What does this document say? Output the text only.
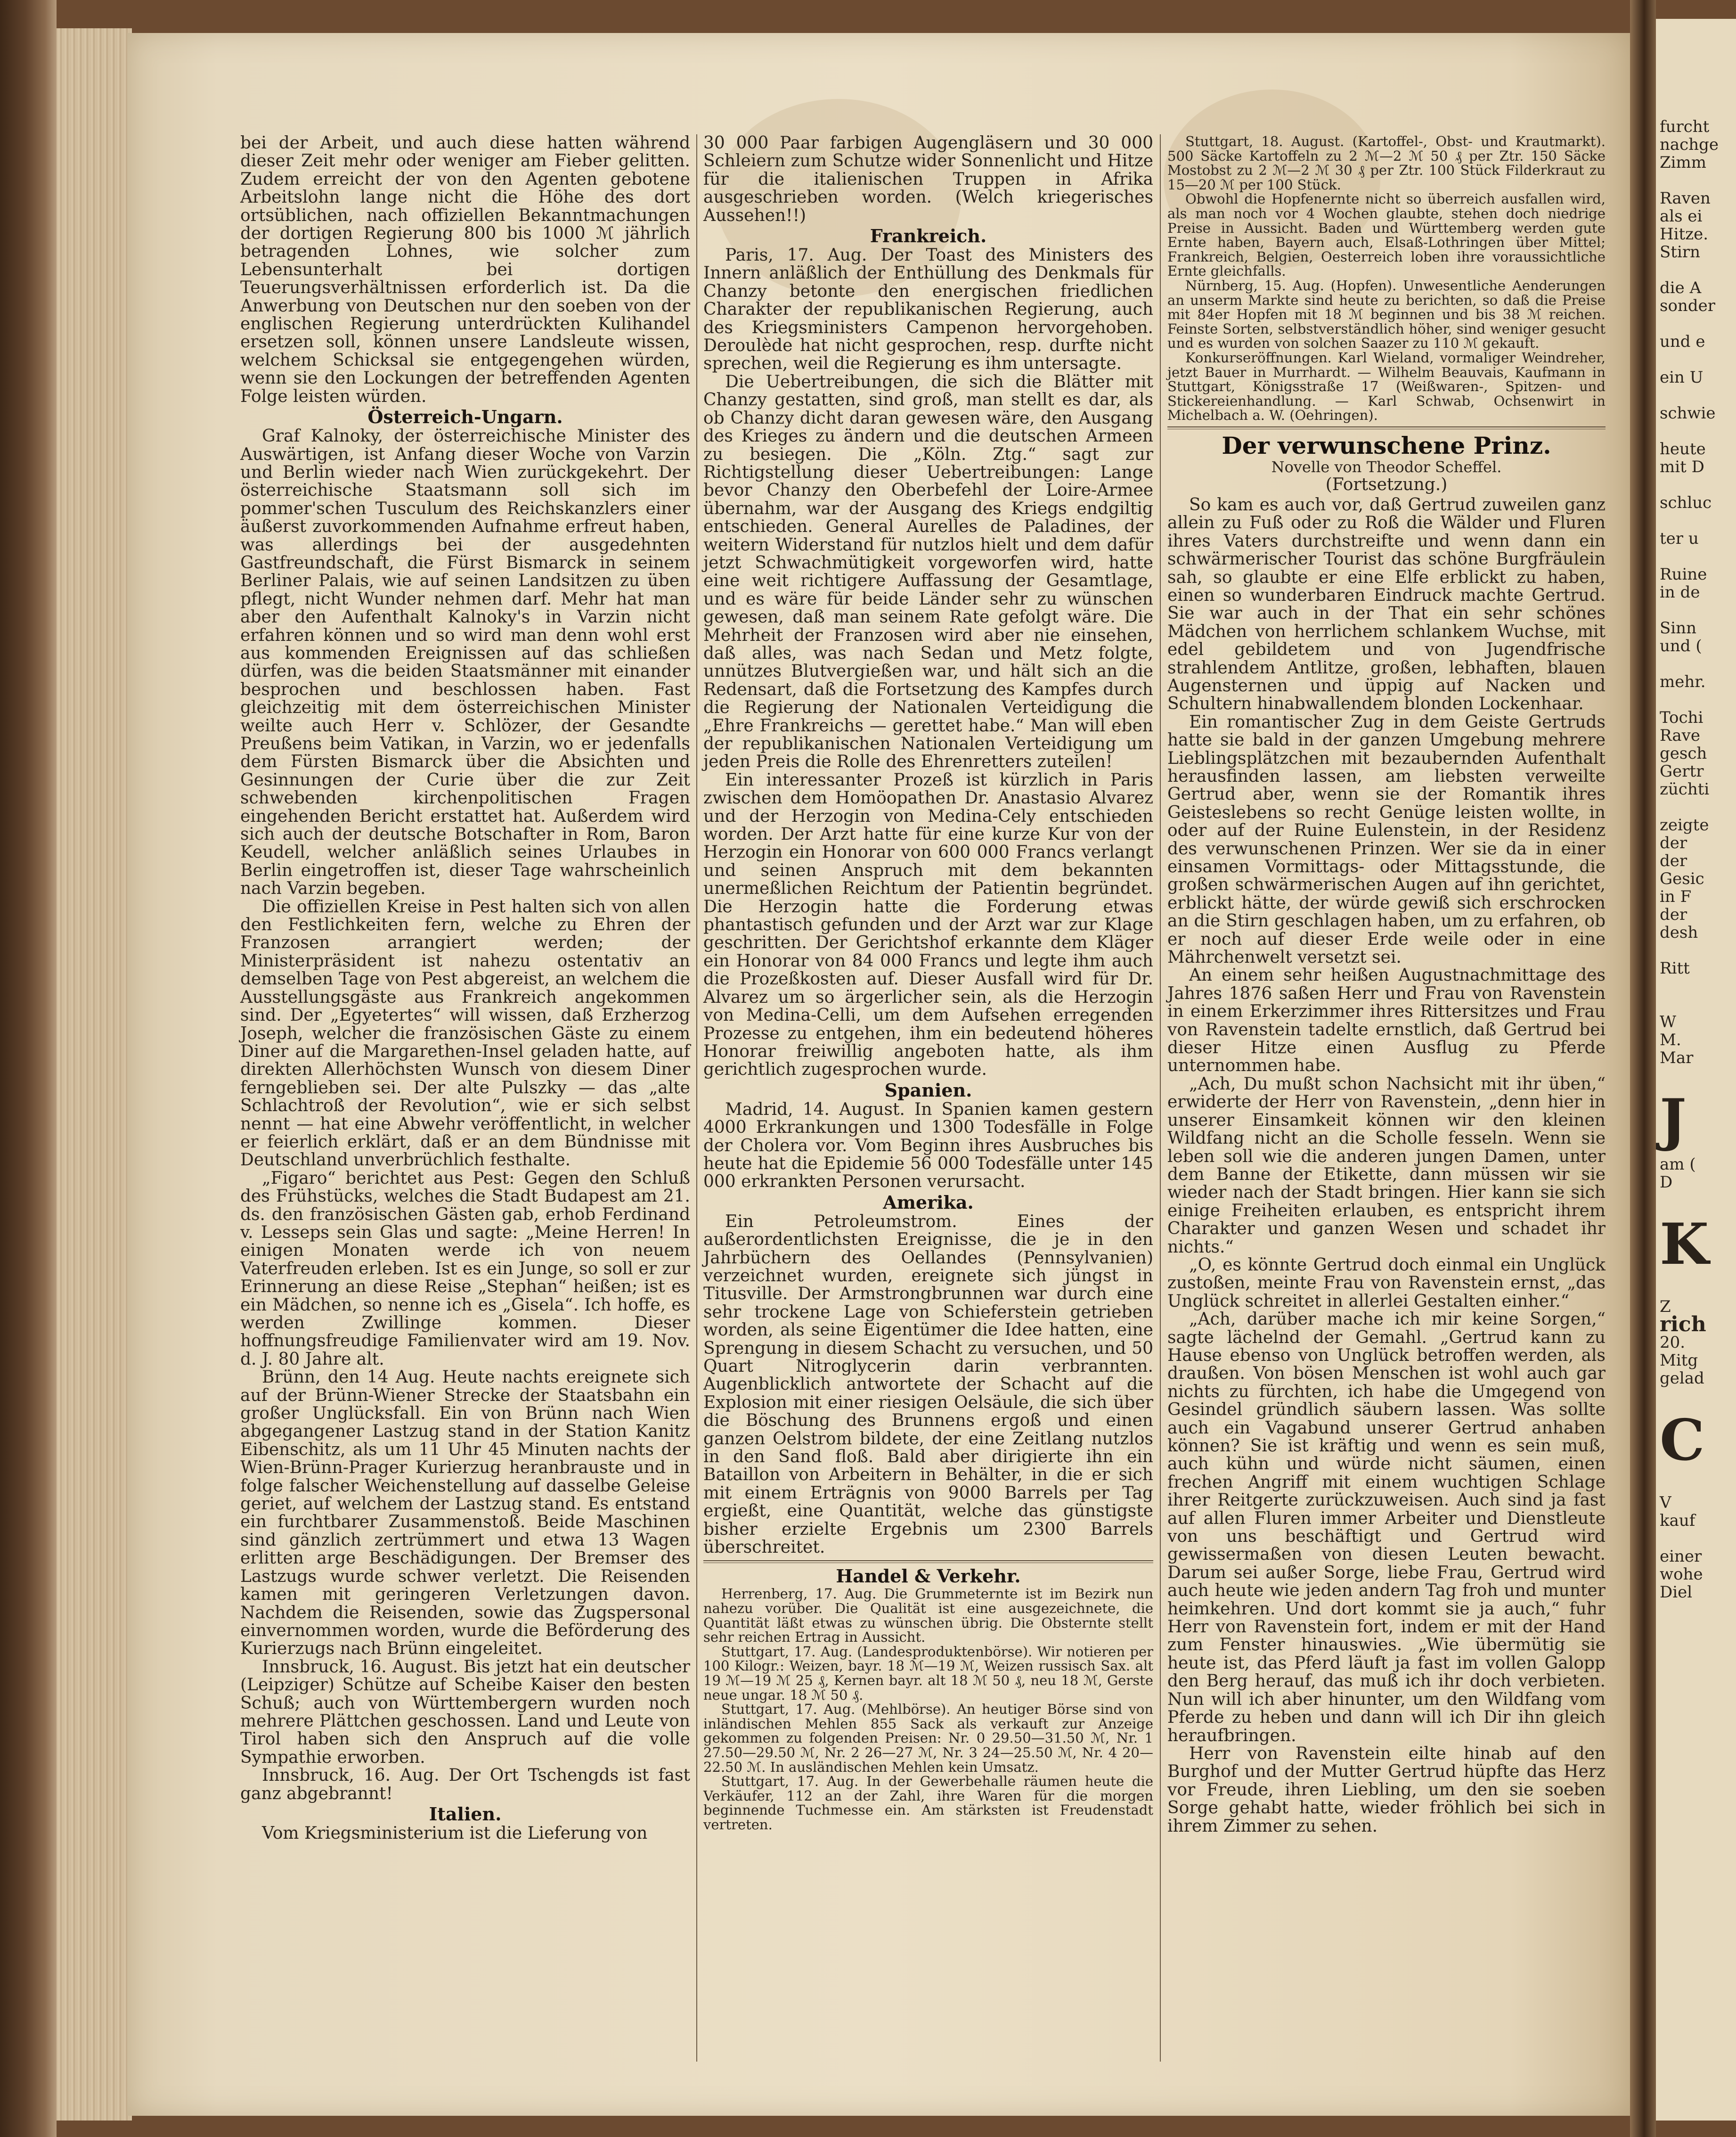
bei der Arbeit, und auch diese hatten während dieser Zeit mehr oder weniger am Fieber gelitten. Zudem erreicht der von den Agenten gebotene Arbeitslohn lange nicht die Höhe des dort ortsüblichen, nach offiziellen Bekanntmachungen der dortigen Regierung 800 bis 1000 ℳ jährlich betragenden Lohnes, wie solcher zum Lebensunterhalt bei dortigen Teuerungsverhältnissen erforderlich ist. Da die Anwerbung von Deutschen nur den soeben von der englischen Regierung unterdrückten Kulihandel ersetzen soll, können unsere Landsleute wissen, welchem Schicksal sie entgegengehen würden, wenn sie den Lockungen der betreffenden Agenten Folge leisten würden.

Österreich-Ungarn.

Graf Kalnoky, der österreichische Minister des Auswärtigen, ist Anfang dieser Woche von Varzin und Berlin wieder nach Wien zurückgekehrt. Der österreichische Staatsmann soll sich im pommer'schen Tusculum des Reichskanzlers einer äußerst zuvorkommenden Aufnahme erfreut haben, was allerdings bei der ausgedehnten Gastfreundschaft, die Fürst Bismarck in seinem Berliner Palais, wie auf seinen Landsitzen zu üben pflegt, nicht Wunder nehmen darf. Mehr hat man aber den Aufenthalt Kalnoky's in Varzin nicht erfahren können und so wird man denn wohl erst aus kommenden Ereignissen auf das schließen dürfen, was die beiden Staatsmänner mit einander besprochen und beschlossen haben. Fast gleichzeitig mit dem österreichischen Minister weilte auch Herr v. Schlözer, der Gesandte Preußens beim Vatikan, in Varzin, wo er jedenfalls dem Fürsten Bismarck über die Absichten und Gesinnungen der Curie über die zur Zeit schwebenden kirchenpolitischen Fragen eingehenden Bericht erstattet hat. Außerdem wird sich auch der deutsche Botschafter in Rom, Baron Keudell, welcher anläßlich seines Urlaubes in Berlin eingetroffen ist, dieser Tage wahrscheinlich nach Varzin begeben.

Die offiziellen Kreise in Pest halten sich von allen den Festlichkeiten fern, welche zu Ehren der Franzosen arrangiert werden; der Ministerpräsident ist nahezu ostentativ an demselben Tage von Pest abgereist, an welchem die Ausstellungsgäste aus Frankreich angekommen sind. Der „Egyetertes“ will wissen, daß Erzherzog Joseph, welcher die französischen Gäste zu einem Diner auf die Margarethen-Insel geladen hatte, auf direkten Allerhöchsten Wunsch von diesem Diner ferngeblieben sei. Der alte Pulszky — das „alte Schlachtroß der Revolution“, wie er sich selbst nennt — hat eine Abwehr veröffentlicht, in welcher er feierlich erklärt, daß er an dem Bündnisse mit Deutschland unverbrüchlich festhalte.

„Figaro“ berichtet aus Pest: Gegen den Schluß des Frühstücks, welches die Stadt Budapest am 21. ds. den französischen Gästen gab, erhob Ferdinand v. Lesseps sein Glas und sagte: „Meine Herren! In einigen Monaten werde ich von neuem Vaterfreuden erleben. Ist es ein Junge, so soll er zur Erinnerung an diese Reise „Stephan“ heißen; ist es ein Mädchen, so nenne ich es „Gisela“. Ich hoffe, es werden Zwillinge kommen. Dieser hoffnungsfreudige Familienvater wird am 19. Nov. d. J. 80 Jahre alt.

Brünn, den 14 Aug. Heute nachts ereignete sich auf der Brünn-Wiener Strecke der Staatsbahn ein großer Unglücksfall. Ein von Brünn nach Wien abgegangener Lastzug stand in der Station Kanitz Eibenschitz, als um 11 Uhr 45 Minuten nachts der Wien-Brünn-Prager Kurierzug heranbrauste und in folge falscher Weichenstellung auf dasselbe Geleise geriet, auf welchem der Lastzug stand. Es entstand ein furchtbarer Zusammenstoß. Beide Maschinen sind gänzlich zertrümmert und etwa 13 Wagen erlitten arge Beschädigungen. Der Bremser des Lastzugs wurde schwer verletzt. Die Reisenden kamen mit geringeren Verletzungen davon. Nachdem die Reisenden, sowie das Zugspersonal einvernommen worden, wurde die Beförderung des Kurierzugs nach Brünn eingeleitet.

Innsbruck, 16. August. Bis jetzt hat ein deutscher (Leipziger) Schütze auf Scheibe Kaiser den besten Schuß; auch von Württembergern wurden noch mehrere Plättchen geschossen. Land und Leute von Tirol haben sich den Anspruch auf die volle Sympathie erworben.

Innsbruck, 16. Aug. Der Ort Tschengds ist fast ganz abgebrannt!

Italien.

Vom Kriegsministerium ist die Lieferung von

30 000 Paar farbigen Augengläsern und 30 000 Schleiern zum Schutze wider Sonnenlicht und Hitze für die italienischen Truppen in Afrika ausgeschrieben worden. (Welch kriegerisches Aussehen!!)

Frankreich.

Paris, 17. Aug. Der Toast des Ministers des Innern anläßlich der Enthüllung des Denkmals für Chanzy betonte den energischen friedlichen Charakter der republikanischen Regierung, auch des Kriegsministers Campenon hervorgehoben. Deroulède hat nicht gesprochen, resp. durfte nicht sprechen, weil die Regierung es ihm untersagte.

Die Uebertreibungen, die sich die Blätter mit Chanzy gestatten, sind groß, man stellt es dar, als ob Chanzy dicht daran gewesen wäre, den Ausgang des Krieges zu ändern und die deutschen Armeen zu besiegen. Die „Köln. Ztg.“ sagt zur Richtigstellung dieser Uebertreibungen: Lange bevor Chanzy den Oberbefehl der Loire-Armee übernahm, war der Ausgang des Kriegs endgiltig entschieden. General Aurelles de Paladines, der weitern Widerstand für nutzlos hielt und dem dafür jetzt Schwachmütigkeit vorgeworfen wird, hatte eine weit richtigere Auffassung der Gesamtlage, und es wäre für beide Länder sehr zu wünschen gewesen, daß man seinem Rate gefolgt wäre. Die Mehrheit der Franzosen wird aber nie einsehen, daß alles, was nach Sedan und Metz folgte, unnützes Blutvergießen war, und hält sich an die Redensart, daß die Fortsetzung des Kampfes durch die Regierung der Nationalen Verteidigung die „Ehre Frankreichs — gerettet habe.“ Man will eben der republikanischen Nationalen Verteidigung um jeden Preis die Rolle des Ehrenretters zuteilen!

Ein interessanter Prozeß ist kürzlich in Paris zwischen dem Homöopathen Dr. Anastasio Alvarez und der Herzogin von Medina-Cely entschieden worden. Der Arzt hatte für eine kurze Kur von der Herzogin ein Honorar von 600 000 Francs verlangt und seinen Anspruch mit dem bekannten unermeßlichen Reichtum der Patientin begründet. Die Herzogin hatte die Forderung etwas phantastisch gefunden und der Arzt war zur Klage geschritten. Der Gerichtshof erkannte dem Kläger ein Honorar von 84 000 Francs und legte ihm auch die Prozeßkosten auf. Dieser Ausfall wird für Dr. Alvarez um so ärgerlicher sein, als die Herzogin von Medina-Celli, um dem Aufsehen erregenden Prozesse zu entgehen, ihm ein bedeutend höheres Honorar freiwillig angeboten hatte, als ihm gerichtlich zugesprochen wurde.

Spanien.

Madrid, 14. August. In Spanien kamen gestern 4000 Erkrankungen und 1300 Todesfälle in Folge der Cholera vor. Vom Beginn ihres Ausbruches bis heute hat die Epidemie 56 000 Todesfälle unter 145 000 erkrankten Personen verursacht.

Amerika.

Ein Petroleumstrom. Eines der außerordentlichsten Ereignisse, die je in den Jahrbüchern des Oellandes (Pennsylvanien) verzeichnet wurden, ereignete sich jüngst in Titusville. Der Armstrongbrunnen war durch eine sehr trockene Lage von Schieferstein getrieben worden, als seine Eigentümer die Idee hatten, eine Sprengung in diesem Schacht zu versuchen, und 50 Quart Nitroglycerin darin verbrannten. Augenblicklich antwortete der Schacht auf die Explosion mit einer riesigen Oelsäule, die sich über die Böschung des Brunnens ergoß und einen ganzen Oelstrom bildete, der eine Zeitlang nutzlos in den Sand floß. Bald aber dirigierte ihn ein Bataillon von Arbeitern in Behälter, in die er sich mit einem Erträgnis von 9000 Barrels per Tag ergießt, eine Quantität, welche das günstigste bisher erzielte Ergebnis um 2300 Barrels überschreitet.

Handel & Verkehr.

Herrenberg, 17. Aug. Die Grummeternte ist im Bezirk nun nahezu vorüber. Die Qualität ist eine ausgezeichnete, die Quantität läßt etwas zu wünschen übrig. Die Obsternte stellt sehr reichen Ertrag in Aussicht.

Stuttgart, 17. Aug. (Landesproduktenbörse). Wir notieren per 100 Kilogr.: Weizen, bayr. 18 ℳ—19 ℳ, Weizen russisch Sax. alt 19 ℳ—19 ℳ 25 ₰, Kernen bayr. alt 18 ℳ 50 ₰, neu 18 ℳ, Gerste neue ungar. 18 ℳ 50 ₰.

Stuttgart, 17. Aug. (Mehlbörse). An heutiger Börse sind von inländischen Mehlen 855 Sack als verkauft zur Anzeige gekommen zu folgenden Preisen: Nr. 0 29.50—31.50 ℳ, Nr. 1 27.50—29.50 ℳ, Nr. 2 26—27 ℳ, Nr. 3 24—25.50 ℳ, Nr. 4 20—22.50 ℳ. In ausländischen Mehlen kein Umsatz.

Stuttgart, 17. Aug. In der Gewerbehalle räumen heute die Verkäufer, 112 an der Zahl, ihre Waren für die morgen beginnende Tuchmesse ein. Am stärksten ist Freudenstadt vertreten.

Stuttgart, 18. August. (Kartoffel-, Obst- und Krautmarkt). 500 Säcke Kartoffeln zu 2 ℳ—2 ℳ 50 ₰ per Ztr. 150 Säcke Mostobst zu 2 ℳ—2 ℳ 30 ₰ per Ztr. 100 Stück Filderkraut zu 15—20 ℳ per 100 Stück.

Obwohl die Hopfenernte nicht so überreich ausfallen wird, als man noch vor 4 Wochen glaubte, stehen doch niedrige Preise in Aussicht. Baden und Württemberg werden gute Ernte haben, Bayern auch, Elsaß-Lothringen über Mittel; Frankreich, Belgien, Oesterreich loben ihre voraussichtliche Ernte gleichfalls.

Nürnberg, 15. Aug. (Hopfen). Unwesentliche Aenderungen an unserm Markte sind heute zu berichten, so daß die Preise mit 84er Hopfen mit 18 ℳ beginnen und bis 38 ℳ reichen. Feinste Sorten, selbstverständlich höher, sind weniger gesucht und es wurden von solchen Saazer zu 110 ℳ gekauft.

Konkurseröffnungen. Karl Wieland, vormaliger Weindreher, jetzt Bauer in Murrhardt. — Wilhelm Beauvais, Kaufmann in Stuttgart, Königsstraße 17 (Weißwaren-, Spitzen- und Stickereienhandlung. — Karl Schwab, Ochsenwirt in Michelbach a. W. (Oehringen).

Der verwunschene Prinz.
Novelle von Theodor Scheffel.
(Fortsetzung.)

So kam es auch vor, daß Gertrud zuweilen ganz allein zu Fuß oder zu Roß die Wälder und Fluren ihres Vaters durchstreifte und wenn dann ein schwärmerischer Tourist das schöne Burgfräulein sah, so glaubte er eine Elfe erblickt zu haben, einen so wunderbaren Eindruck machte Gertrud. Sie war auch in der That ein sehr schönes Mädchen von herrlichem schlankem Wuchse, mit edel gebildetem und von Jugendfrische strahlendem Antlitze, großen, lebhaften, blauen Augensternen und üppig auf Nacken und Schultern hinabwallendem blonden Lockenhaar.

Ein romantischer Zug in dem Geiste Gertruds hatte sie bald in der ganzen Umgebung mehrere Lieblingsplätzchen mit bezaubernden Aufenthalt herausfinden lassen, am liebsten verweilte Gertrud aber, wenn sie der Romantik ihres Geisteslebens so recht Genüge leisten wollte, in oder auf der Ruine Eulenstein, in der Residenz des verwunschenen Prinzen. Wer sie da in einer einsamen Vormittags- oder Mittagsstunde, die großen schwärmerischen Augen auf ihn gerichtet, erblickt hätte, der würde gewiß sich erschrocken an die Stirn geschlagen haben, um zu erfahren, ob er noch auf dieser Erde weile oder in eine Mährchenwelt versetzt sei.

An einem sehr heißen Augustnachmittage des Jahres 1876 saßen Herr und Frau von Ravenstein in einem Erkerzimmer ihres Rittersitzes und Frau von Ravenstein tadelte ernstlich, daß Gertrud bei dieser Hitze einen Ausflug zu Pferde unternommen habe.

„Ach, Du mußt schon Nachsicht mit ihr üben,“ erwiderte der Herr von Ravenstein, „denn hier in unserer Einsamkeit können wir den kleinen Wildfang nicht an die Scholle fesseln. Wenn sie leben soll wie die anderen jungen Damen, unter dem Banne der Etikette, dann müssen wir sie wieder nach der Stadt bringen. Hier kann sie sich einige Freiheiten erlauben, es entspricht ihrem Charakter und ganzen Wesen und schadet ihr nichts.“

„O, es könnte Gertrud doch einmal ein Unglück zustoßen, meinte Frau von Ravenstein ernst, „das Unglück schreitet in allerlei Gestalten einher.“

„Ach, darüber mache ich mir keine Sorgen,“ sagte lächelnd der Gemahl. „Gertrud kann zu Hause ebenso von Unglück betroffen werden, als draußen. Von bösen Menschen ist wohl auch gar nichts zu fürchten, ich habe die Umgegend von Gesindel gründlich säubern lassen. Was sollte auch ein Vagabund unserer Gertrud anhaben können? Sie ist kräftig und wenn es sein muß, auch kühn und würde nicht säumen, einen frechen Angriff mit einem wuchtigen Schlage ihrer Reitgerte zurückzuweisen. Auch sind ja fast auf allen Fluren immer Arbeiter und Dienstleute von uns beschäftigt und Gertrud wird gewissermaßen von diesen Leuten bewacht. Darum sei außer Sorge, liebe Frau, Gertrud wird auch heute wie jeden andern Tag froh und munter heimkehren. Und dort kommt sie ja auch,“ fuhr Herr von Ravenstein fort, indem er mit der Hand zum Fenster hinauswies. „Wie übermütig sie heute ist, das Pferd läuft ja fast im vollen Galopp den Berg herauf, das muß ich ihr doch verbieten. Nun will ich aber hinunter, um den Wildfang vom Pferde zu heben und dann will ich Dir ihn gleich heraufbringen.

Herr von Ravenstein eilte hinab auf den Burghof und der Mutter Gertrud hüpfte das Herz vor Freude, ihren Liebling, um den sie soeben Sorge gehabt hatte, wieder fröhlich bei sich in ihrem Zimmer zu sehen.

furcht
nachge
Zimm

Raven
als ei
Hitze.
Stirn

die A
sonder

und e

ein U

schwie

heute
mit D

schluc

ter u

Ruine
in de

Sinn
und (

mehr.

Tochi
Rave
gesch
Gertr
züchti

zeigte
der
der
Gesic
in F
der
desh

Ritt

W
M.
Mar

J
am (
D

K

Z
rich
20.
Mitg
gelad

C

V
kauf

einer
wohe
Diel
